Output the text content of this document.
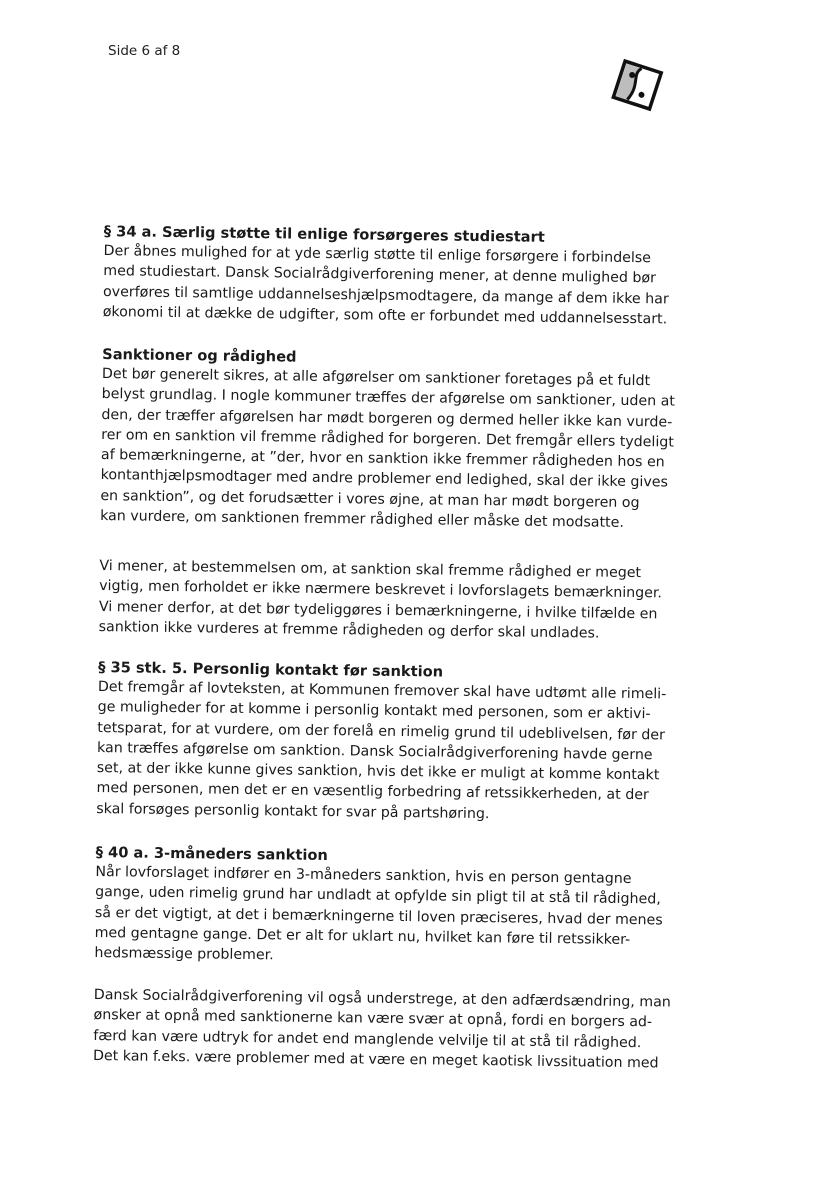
Side 6 af 8
§ 34 a. Særlig støtte til enlige forsørgeres studiestart
Der åbnes mulighed for at yde særlig støtte til enlige forsørgere i forbindelse
med studiestart. Dansk Socialrådgiverforening mener, at denne mulighed bør
overføres til samtlige uddannelseshjælpsmodtagere, da mange af dem ikke har
økonomi til at dække de udgifter, som ofte er forbundet med uddannelsesstart.
Sanktioner og rådighed
Det bør generelt sikres, at alle afgørelser om sanktioner foretages på et fuldt
belyst grundlag. I nogle kommuner træffes der afgørelse om sanktioner, uden at
den, der træffer afgørelsen har mødt borgeren og dermed heller ikke kan vurde-
rer om en sanktion vil fremme rådighed for borgeren. Det fremgår ellers tydeligt
af bemærkningerne, at ”der, hvor en sanktion ikke fremmer rådigheden hos en
kontanthjælpsmodtager med andre problemer end ledighed, skal der ikke gives
en sanktion”, og det forudsætter i vores øjne, at man har mødt borgeren og
kan vurdere, om sanktionen fremmer rådighed eller måske det modsatte.
Vi mener, at bestemmelsen om, at sanktion skal fremme rådighed er meget
vigtig, men forholdet er ikke nærmere beskrevet i lovforslagets bemærkninger.
Vi mener derfor, at det bør tydeliggøres i bemærkningerne, i hvilke tilfælde en
sanktion ikke vurderes at fremme rådigheden og derfor skal undlades.
§ 35 stk. 5. Personlig kontakt før sanktion
Det fremgår af lovteksten, at Kommunen fremover skal have udtømt alle rimeli-
ge muligheder for at komme i personlig kontakt med personen, som er aktivi-
tetsparat, for at vurdere, om der forelå en rimelig grund til udeblivelsen, før der
kan træffes afgørelse om sanktion. Dansk Socialrådgiverforening havde gerne
set, at der ikke kunne gives sanktion, hvis det ikke er muligt at komme kontakt
med personen, men det er en væsentlig forbedring af retssikkerheden, at der
skal forsøges personlig kontakt for svar på partshøring.
§ 40 a. 3-måneders sanktion
Når lovforslaget indfører en 3-måneders sanktion, hvis en person gentagne
gange, uden rimelig grund har undladt at opfylde sin pligt til at stå til rådighed,
så er det vigtigt, at det i bemærkningerne til loven præciseres, hvad der menes
med gentagne gange. Det er alt for uklart nu, hvilket kan føre til retssikker-
hedsmæssige problemer.
Dansk Socialrådgiverforening vil også understrege, at den adfærdsændring, man
ønsker at opnå med sanktionerne kan være svær at opnå, fordi en borgers ad-
færd kan være udtryk for andet end manglende velvilje til at stå til rådighed.
Det kan f.eks. være problemer med at være en meget kaotisk livssituation med
